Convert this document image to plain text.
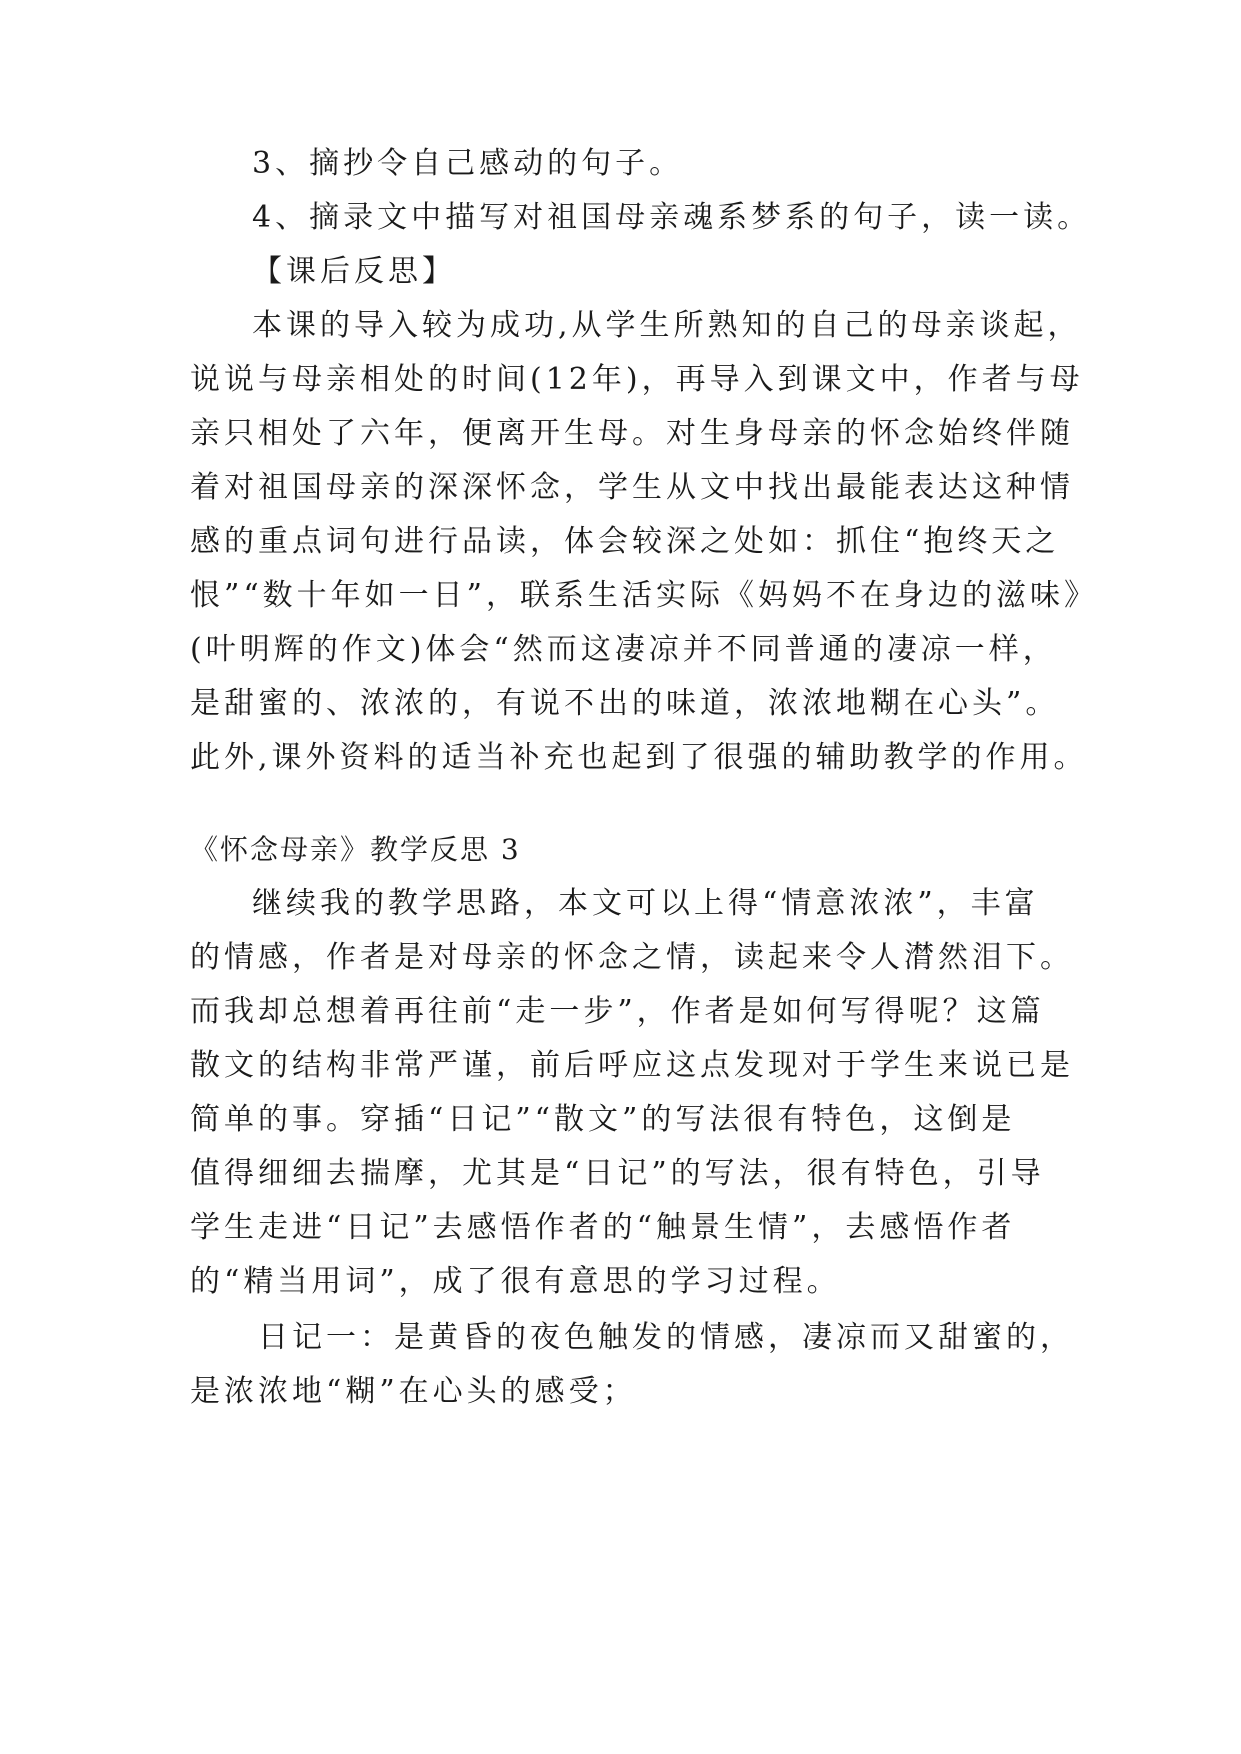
3、摘抄令自己感动的句子。
4、摘录文中描写对祖国母亲魂系梦系的句子，读一读。
【课后反思】
本课的导入较为成功,从学生所熟知的自己的母亲谈起，
说说与母亲相处的时间(12年)，再导入到课文中，作者与母
亲只相处了六年，便离开生母。对生身母亲的怀念始终伴随
着对祖国母亲的深深怀念，学生从文中找出最能表达这种情
感的重点词句进行品读，体会较深之处如：抓住“抱终天之
恨”“数十年如一日”，联系生活实际《妈妈不在身边的滋味》
(叶明辉的作文)体会“然而这凄凉并不同普通的凄凉一样，
是甜蜜的、浓浓的，有说不出的味道，浓浓地糊在心头”。
此外,课外资料的适当补充也起到了很强的辅助教学的作用。
《怀念母亲》教学反思 3
继续我的教学思路，本文可以上得“情意浓浓”，丰富
的情感，作者是对母亲的怀念之情，读起来令人潸然泪下。
而我却总想着再往前“走一步”，作者是如何写得呢？这篇
散文的结构非常严谨，前后呼应这点发现对于学生来说已是
简单的事。穿插“日记”“散文”的写法很有特色，这倒是
值得细细去揣摩，尤其是“日记”的写法，很有特色，引导
学生走进“日记”去感悟作者的“触景生情”，去感悟作者
的“精当用词”，成了很有意思的学习过程。
日记一：是黄昏的夜色触发的情感，凄凉而又甜蜜的，
是浓浓地“糊”在心头的感受；
